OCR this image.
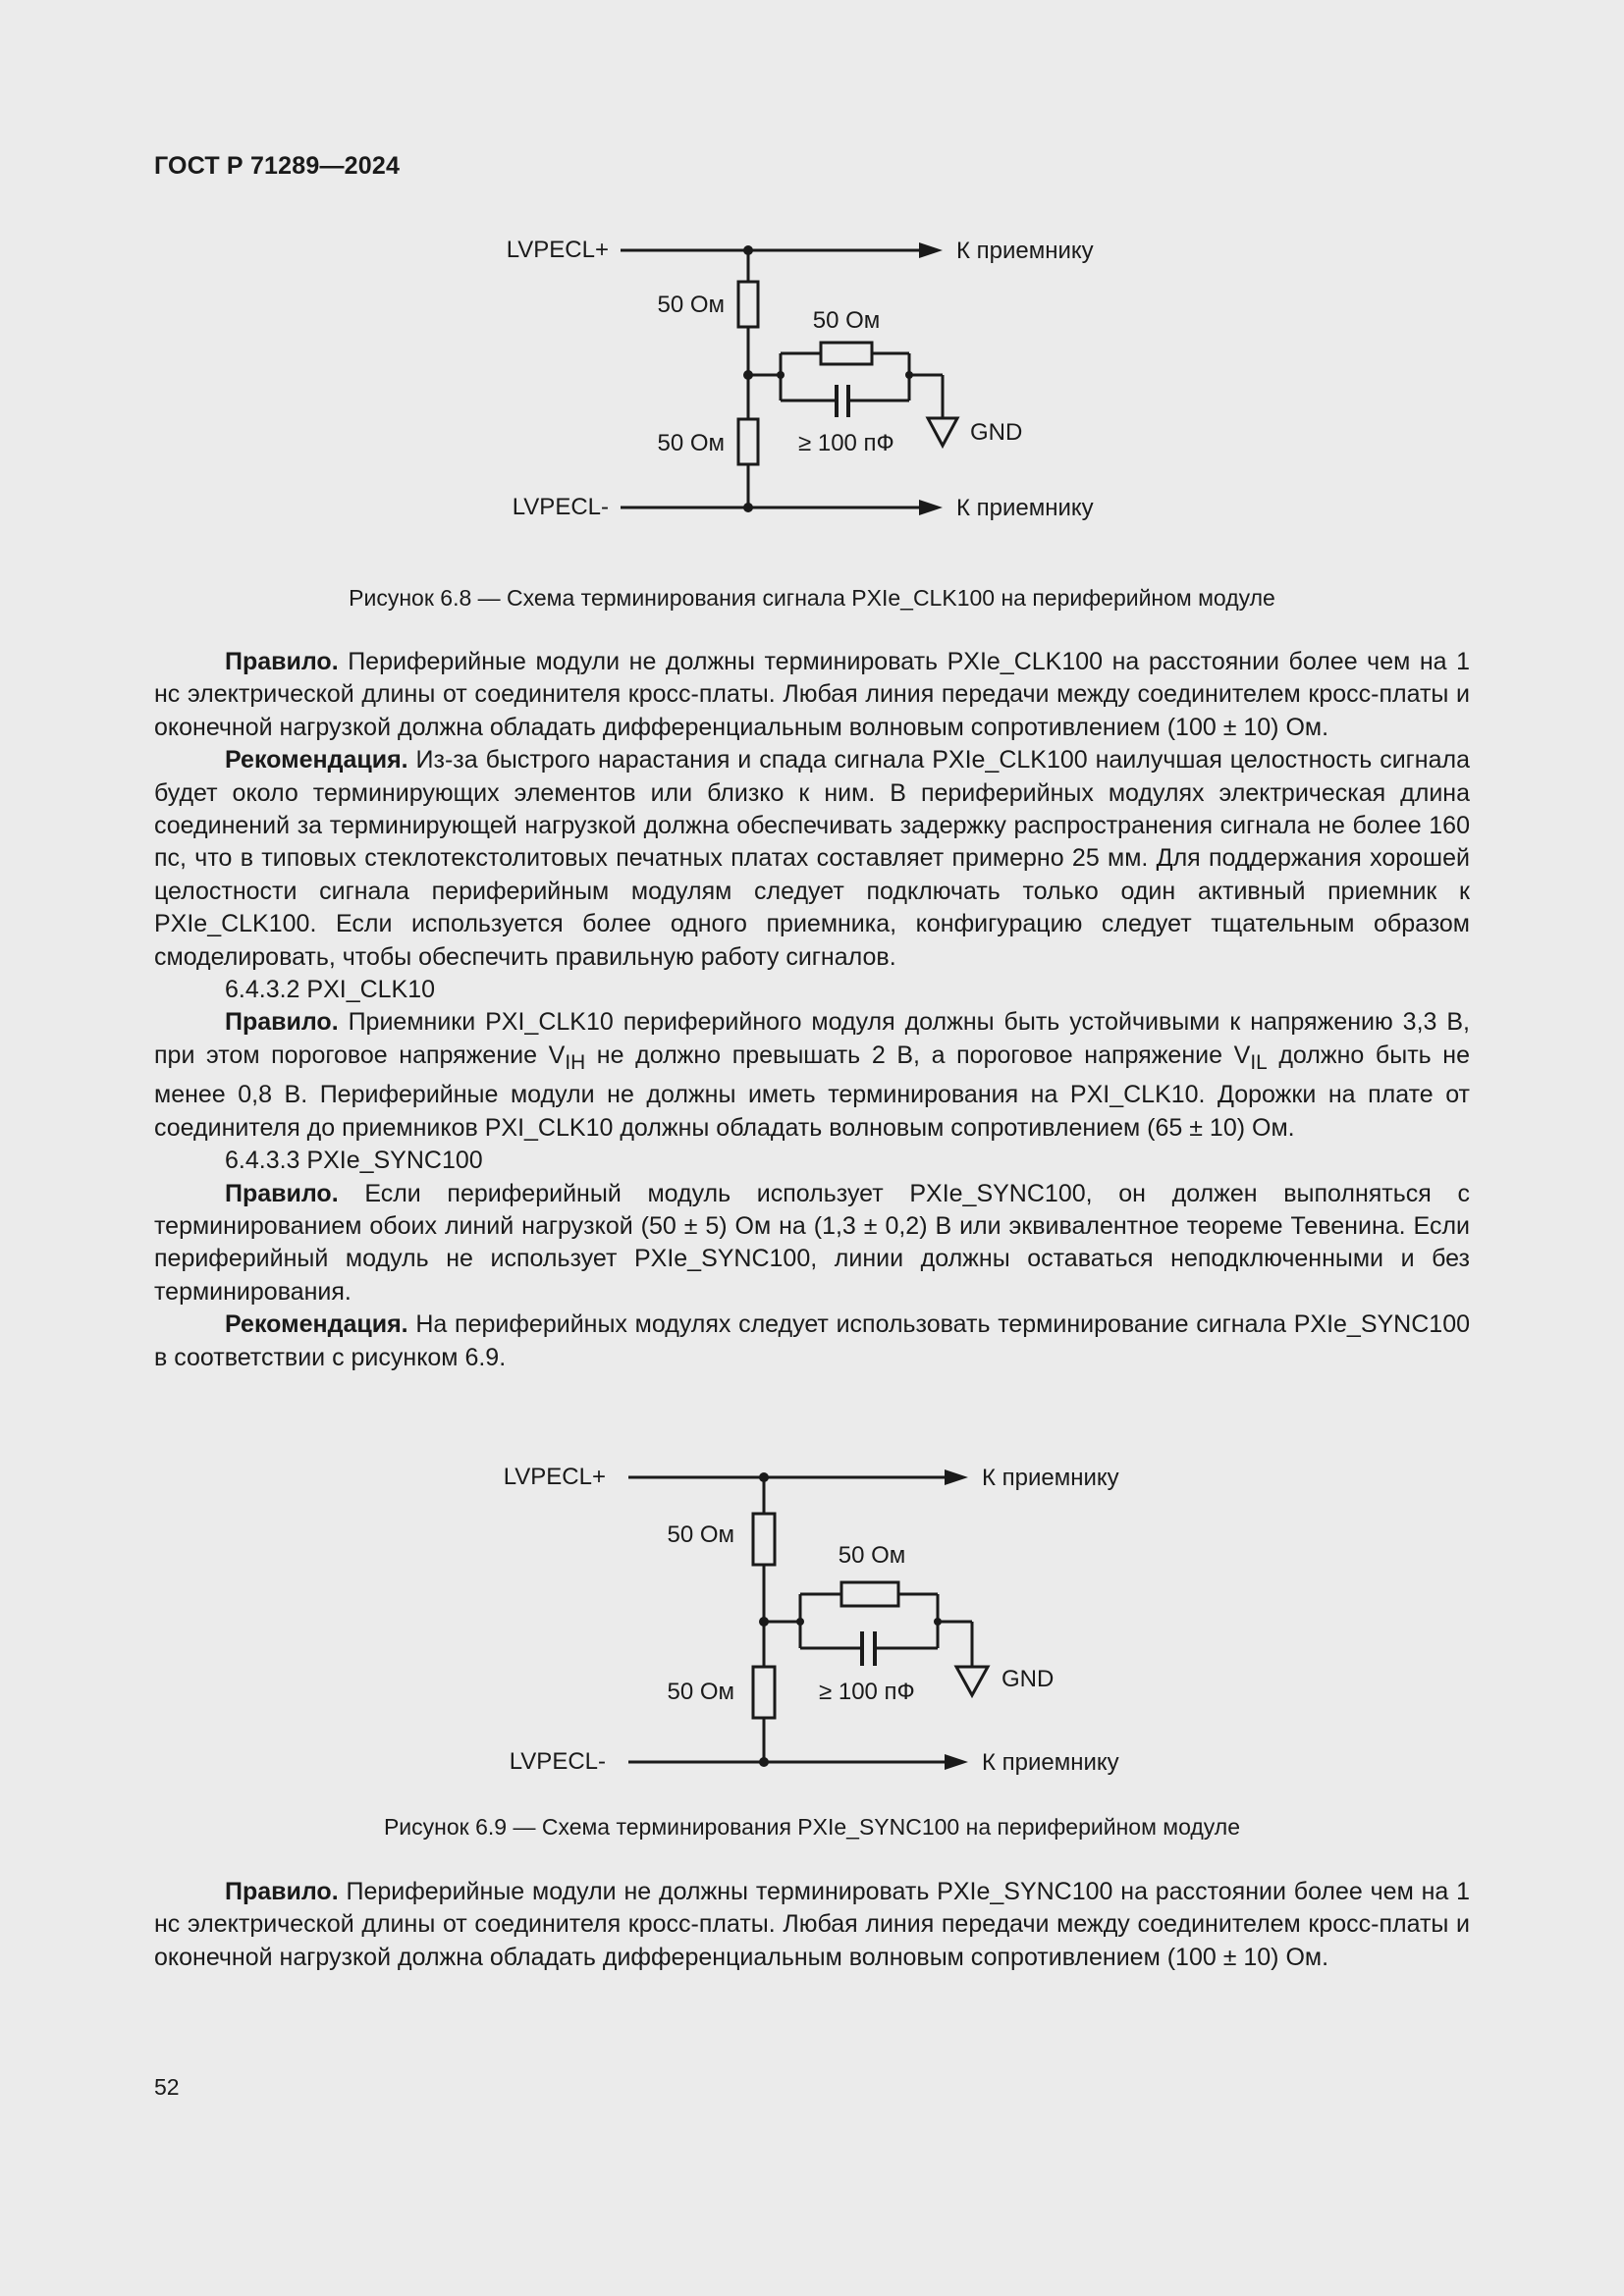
ГОСТ Р 71289—2024
LVPECL+
LVPECL-
К приемнику
К приемнику
50 Ом
50 Ом
50 Ом
≥ 100 пФ	GND
Рисунок 6.8 — Схема терминирования сигнала PXIe_CLK100 на периферийном модуле

Правило. Периферийные модули не должны терминировать PXIe_CLK100 на расстоянии более чем на 1 нс электрической длины от соединителя кросс-платы. Любая линия передачи между соединителем кросс-платы и оконечной нагрузкой должна обладать дифференциальным волновым сопротивлением (100 ± 10) Ом.

Рекомендация. Из-за быстрого нарастания и спада сигнала PXIe_CLK100 наилучшая целостность сигнала будет около терминирующих элементов или близко к ним. В периферийных модулях электрическая длина соединений за терминирующей нагрузкой должна обеспечивать задержку распространения сигнала не более 160 пс, что в типовых стеклотекстолитовых печатных платах составляет примерно 25 мм. Для поддержания хорошей целостности сигнала периферийным модулям следует подключать только один активный приемник к PXIe_CLK100. Если используется более одного приемника, конфигурацию следует тщательным образом смоделировать, чтобы обеспечить правильную работу сигналов.

6.4.3.2 PXI_CLK10

Правило. Приемники PXI_CLK10 периферийного модуля должны быть устойчивыми к напряжению 3,3 В, при этом пороговое напряжение $V_{IH}$ не должно превышать 2 В, а пороговое напряжение $V_{IL}$ должно быть не менее 0,8 В. Периферийные модули не должны иметь терминирования на PXI_CLK10. Дорожки на плате от соединителя до приемников PXI_CLK10 должны обладать волновым сопротивлением (65 ± 10) Ом.

6.4.3.3 PXIe_SYNC100

Правило. Если периферийный модуль использует PXIe_SYNC100, он должен выполняться с терминированием обоих линий нагрузкой (50 ± 5) Ом на (1,3 ± 0,2) В или эквивалентное теореме Тевенина. Если периферийный модуль не использует PXIe_SYNC100, линии должны оставаться неподключенными и без терминирования.

Рекомендация. На периферийных модулях следует использовать терминирование сигнала PXIe_SYNC100 в соответствии с рисунком 6.9.

LVPECL+
LVPECL-
К приемнику
К приемнику
50 Ом
50 Ом
50 Ом
≥ 100 пФ	GND
Рисунок 6.9 — Схема терминирования PXIe_SYNC100 на периферийном модуле

Правило. Периферийные модули не должны терминировать PXIe_SYNC100 на расстоянии более чем на 1 нс электрической длины от соединителя кросс-платы. Любая линия передачи между соединителем кросс-платы и оконечной нагрузкой должна обладать дифференциальным волновым сопротивлением (100 ± 10) Ом.

52
